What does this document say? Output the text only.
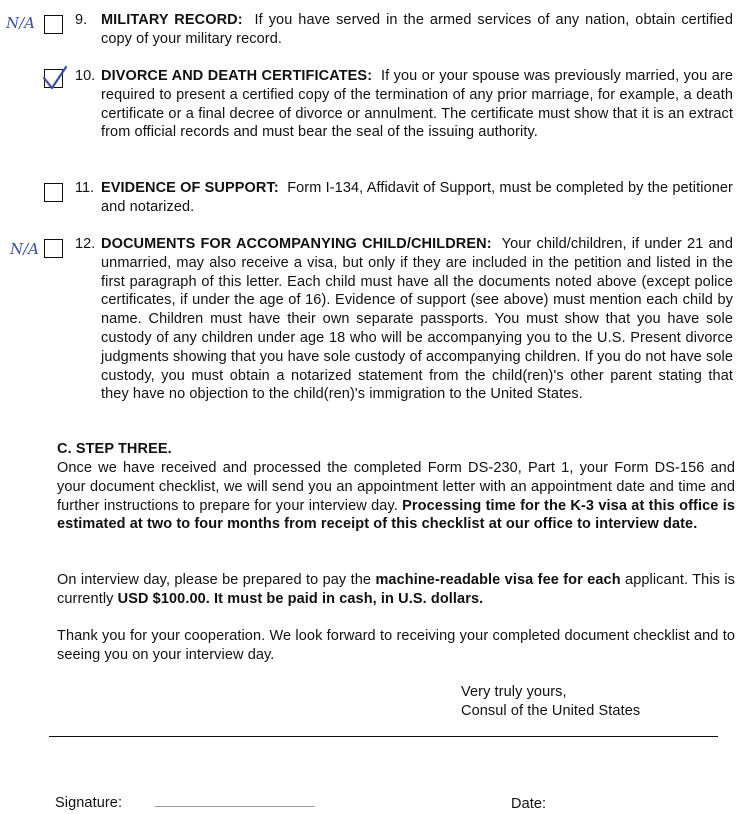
N/A	9. MILITARY RECORD: If you have served in the armed services of any nation, obtain certified copy of your military record.
10. DIVORCE AND DEATH CERTIFICATES: If you or your spouse was previously married, you are required to present a certified copy of the termination of any prior marriage, for example, a death certificate or a final decree of divorce or annulment. The certificate must show that it is an extract from official records and must bear the seal of the issuing authority.
11. EVIDENCE OF SUPPORT: Form I-134, Affidavit of Support, must be completed by the petitioner and notarized.
N/A 12. DOCUMENTS FOR ACCOMPANYING CHILD/CHILDREN: Your child/children, if under 21 and unmarried, may also receive a visa, but only if they are included in the petition and listed in the first paragraph of this letter. Each child must have all the documents noted above (except police certificates, if under the age of 16). Evidence of support (see above) must mention each child by name. Children must have their own separate passports. You must show that you have sole custody of any children under age 18 who will be accompanying you to the U.S. Present divorce judgments showing that you have sole custody of accompanying children. If you do not have sole custody, you must obtain a notarized statement from the child(ren)'s other parent stating that they have no objection to the child(ren)'s immigration to the United States.
C. STEP THREE.
Once we have received and processed the completed Form DS-230, Part 1, your Form DS-156 and your document checklist, we will send you an appointment letter with an appointment date and time and further instructions to prepare for your interview day. Processing time for the K-3 visa at this office is estimated at two to four months from receipt of this checklist at our office to interview date.
On interview day, please be prepared to pay the machine-readable visa fee for each applicant. This is currently USD $100.00. It must be paid in cash, in U.S. dollars.
Thank you for your cooperation. We look forward to receiving your completed document checklist and to seeing you on your interview day.
Very truly yours,
Consul of the United States
Signature:	Date:
